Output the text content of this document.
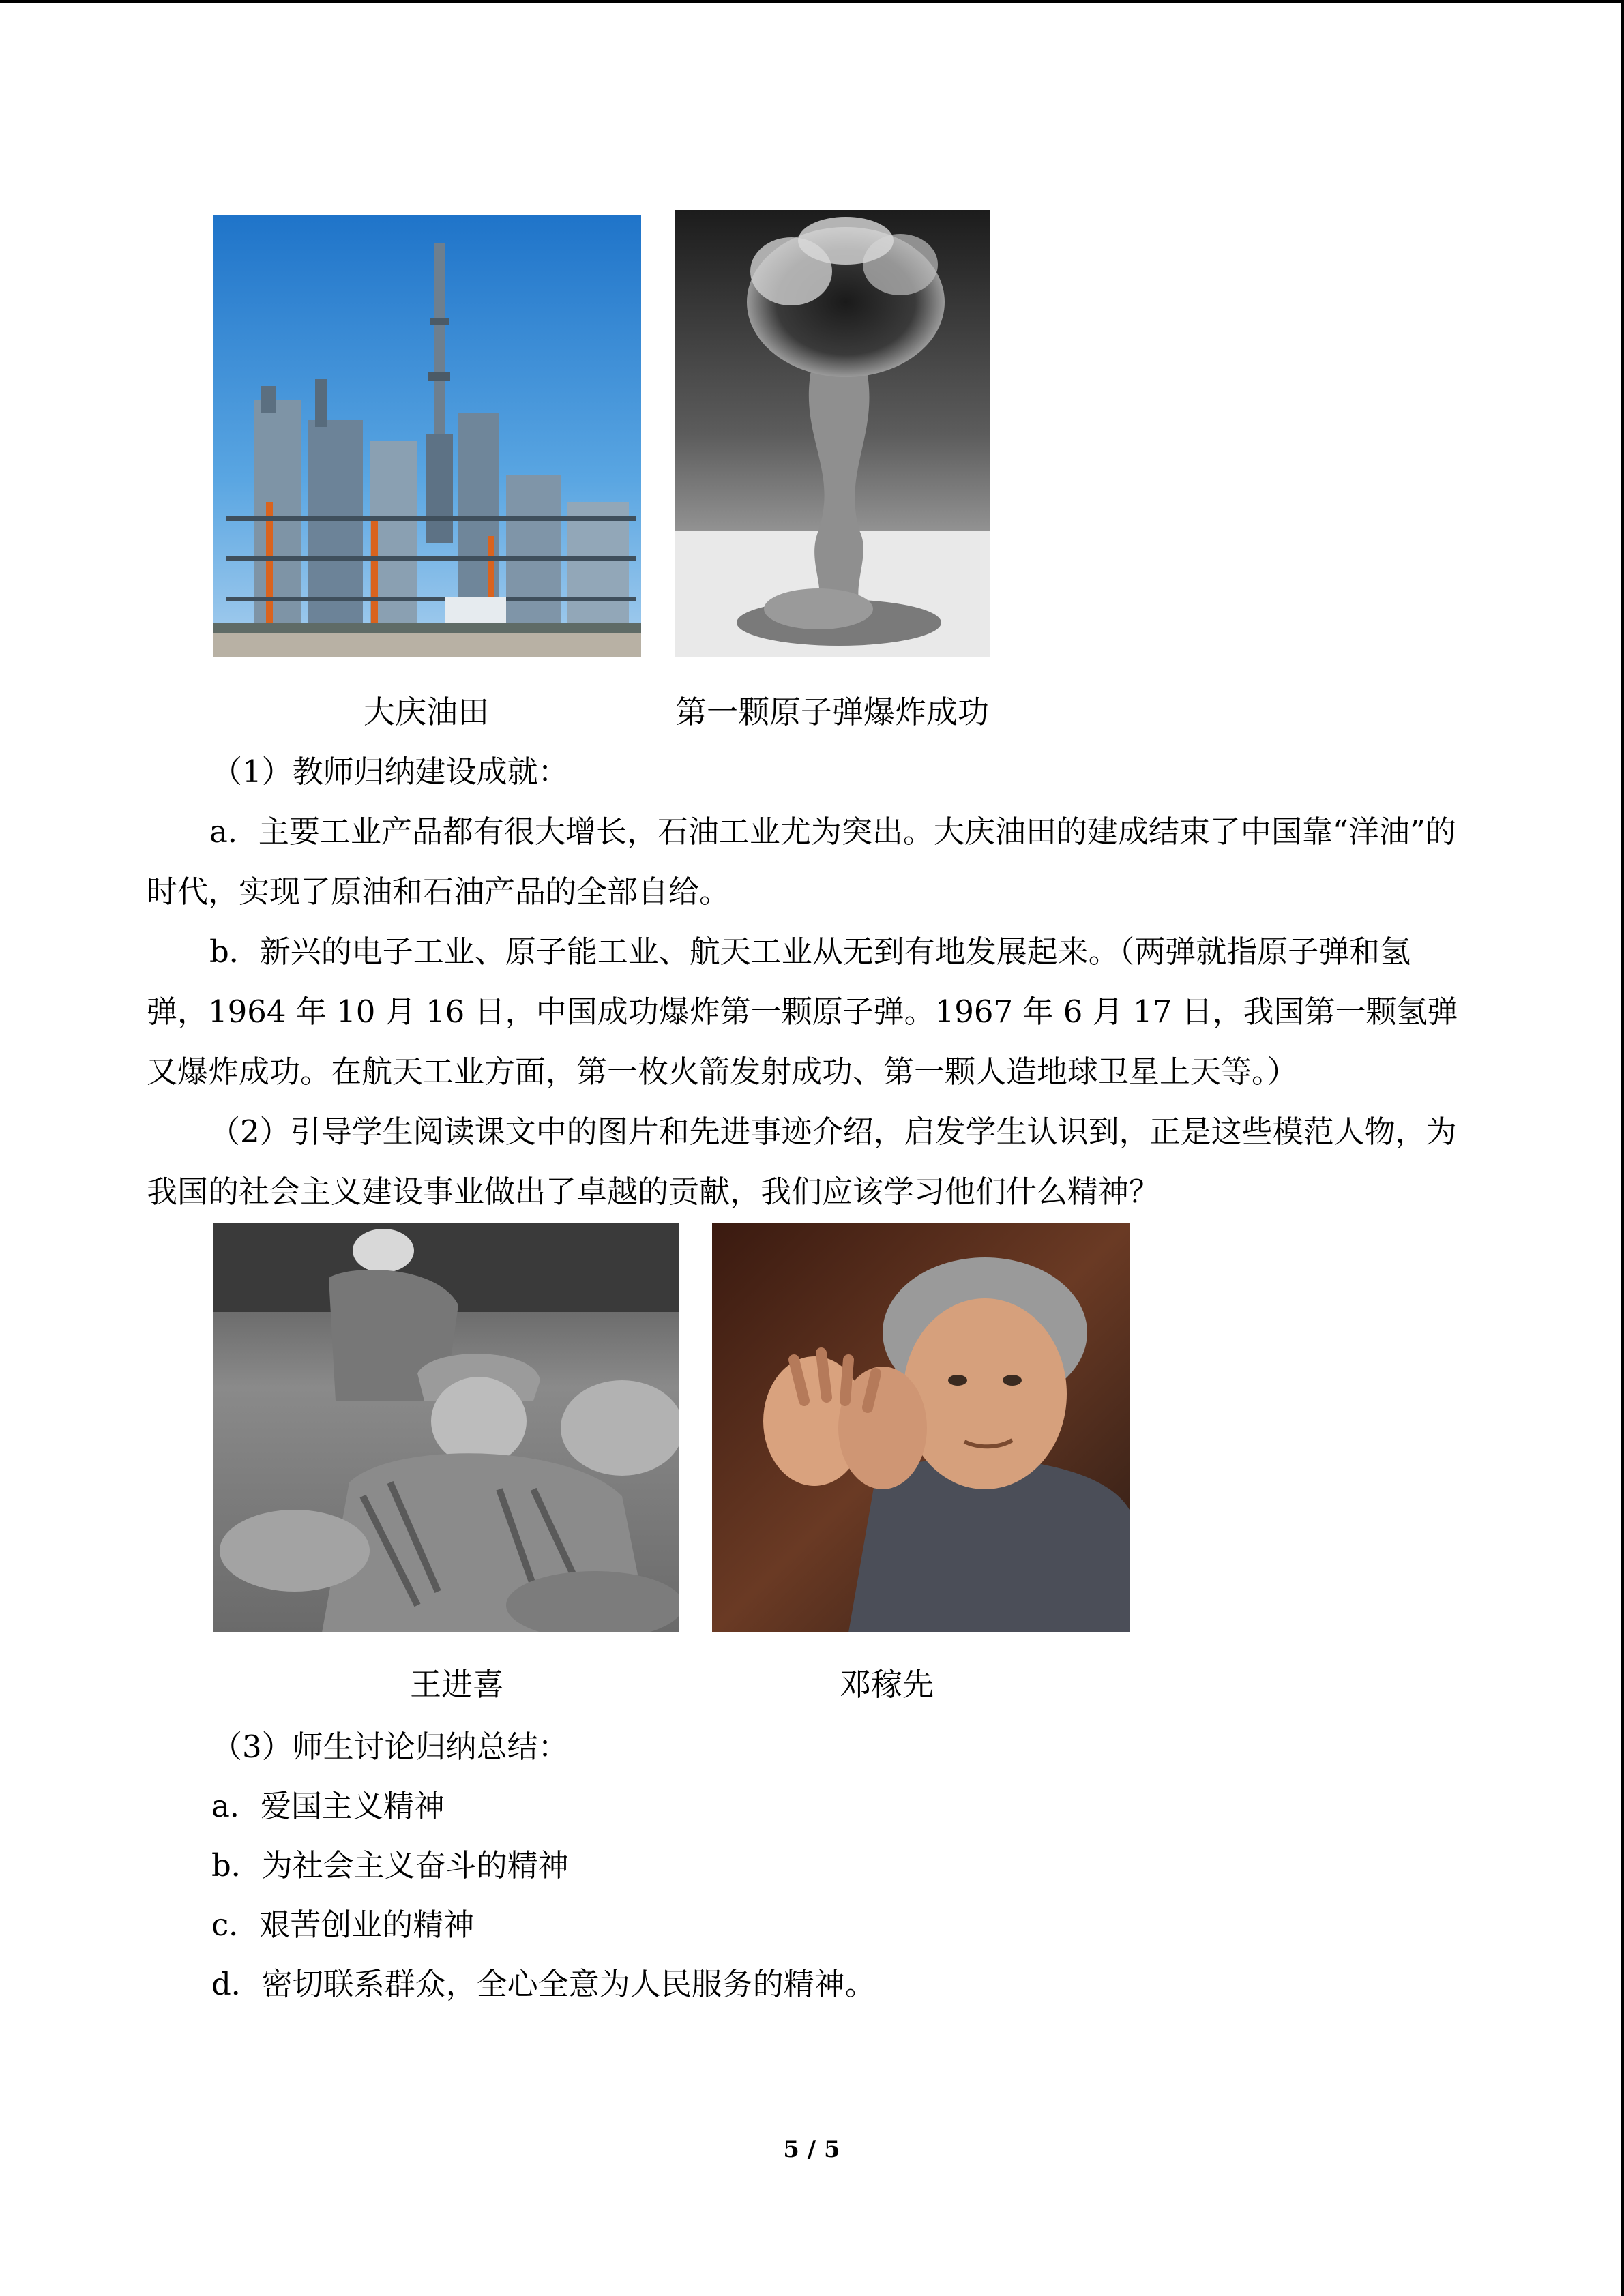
大庆油田	第一颗原子弹爆炸成功

（1）教师归纳建设成就：

a．主要工业产品都有很大增长，石油工业尤为突出。大庆油田的建成结束了中国靠“洋油”的时代，实现了原油和石油产品的全部自给。

b．新兴的电子工业、原子能工业、航天工业从无到有地发展起来。（两弹就指原子弹和氢弹，1964 年 10 月 16 日，中国成功爆炸第一颗原子弹。1967 年 6 月 17 日，我国第一颗氢弹又爆炸成功。在航天工业方面，第一枚火箭发射成功、第一颗人造地球卫星上天等。）

（2）引导学生阅读课文中的图片和先进事迹介绍，启发学生认识到，正是这些模范人物，为我国的社会主义建设事业做出了卓越的贡献，我们应该学习他们什么精神？

王进喜	邓稼先

（3）师生讨论归纳总结：

a．爱国主义精神

b．为社会主义奋斗的精神

c．艰苦创业的精神

d．密切联系群众，全心全意为人民服务的精神。

5 / 5
